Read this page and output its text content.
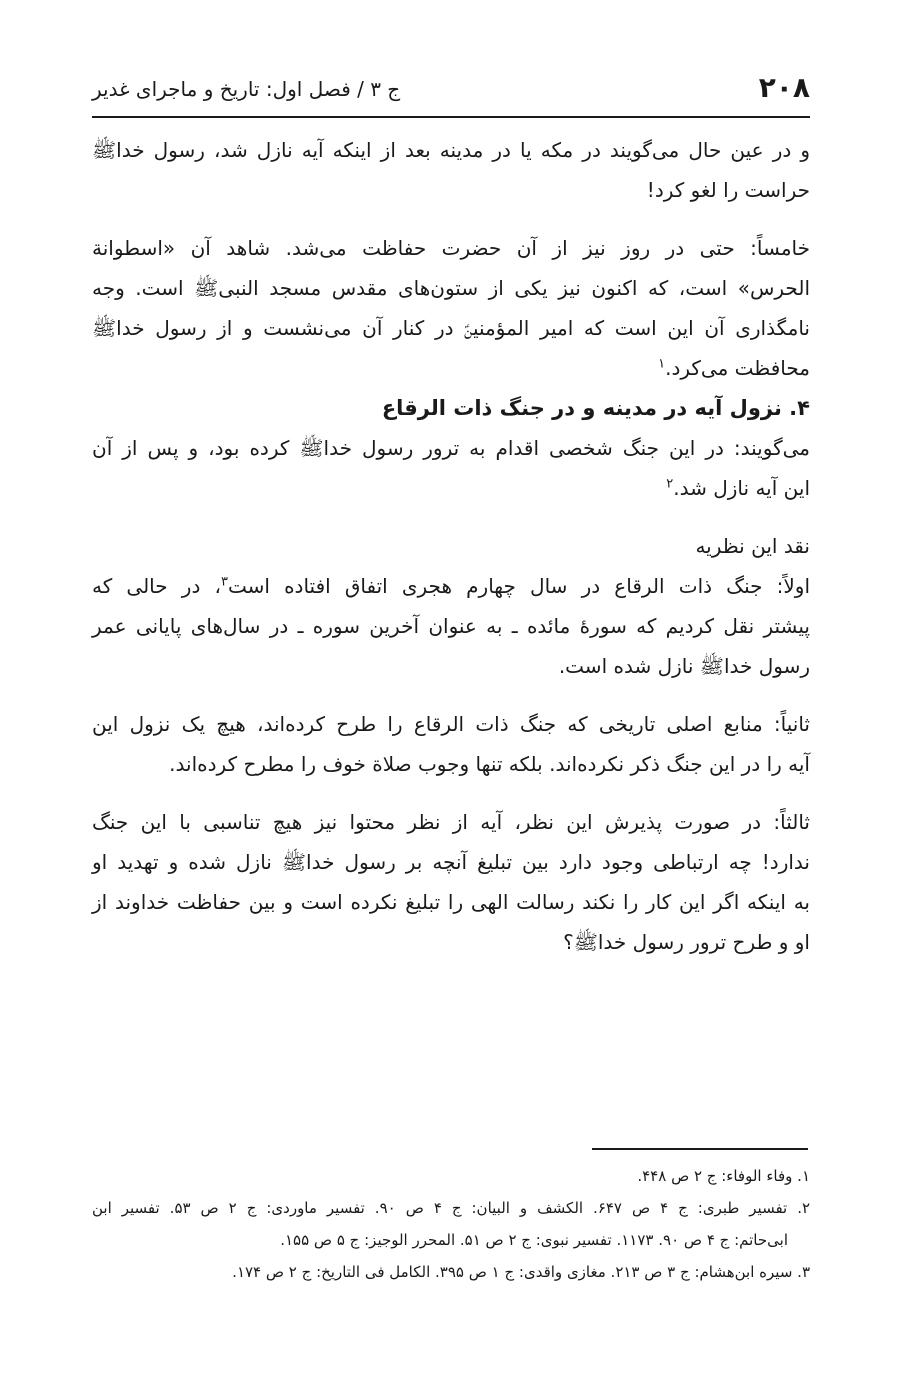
۲۰۸
ج ۳ / فصل اول: تاریخ و ماجرای غدیر

و در عین حال می‌گویند در مکه یا در مدینه بعد از اینکه آیه نازل شد، رسول خداﷺ
حراست را لغو کرد!

خامساً: حتی در روز نیز از آن حضرت حفاظت می‌شد. شاهد آن «اسطوانة
الحرس» است، که اکنون نیز یکی از ستون‌های مقدس مسجد النبیﷺ است. وجه
نامگذاری آن این است که امیر المؤمنینؑ در کنار آن می‌نشست و از رسول خداﷺ
محافظت می‌کرد.$^۱$

۴. نزول آیه در مدینه و در جنگ ذات الرقاع

می‌گویند: در این جنگ شخصی اقدام به ترور رسول خداﷺ کرده بود، و پس از آن
این آیه نازل شد.$^۲$

نقد این نظریه

اولاً: جنگ ذات الرقاع در سال چهارم هجری اتفاق افتاده است$^۳$، در حالی که
پیشتر نقل کردیم که سورهٔ مائده ـ به عنوان آخرین سوره ـ در سال‌های پایانی عمر
رسول خداﷺ نازل شده است.

ثانیاً: منابع اصلی تاریخی که جنگ ذات الرقاع را طرح کرده‌اند، هیچ یک نزول این
آیه را در این جنگ ذکر نکرده‌اند. بلکه تنها وجوب صلاة خوف را مطرح کرده‌اند.

ثالثاً: در صورت پذیرش این نظر، آیه از نظر محتوا نیز هیچ تناسبی با این جنگ
ندارد! چه ارتباطی وجود دارد بین تبلیغ آنچه بر رسول خداﷺ نازل شده و تهدید او
به اینکه اگر این کار را نکند رسالت الهی را تبلیغ نکرده است و بین حفاظت خداوند از
او و طرح ترور رسول خداﷺ؟

۱. وفاء الوفاء: ج ۲ ص ۴۴۸.

۲. تفسیر طبری: ج ۴ ص ۶۴۷. الکشف و البیان: ج ۴ ص ۹۰. تفسیر ماوردی: ج ۲ ص ۵۳. تفسیر ابن
ابی‌حاتم: ج ۴ ص ۹۰. ۱۱۷۳. تفسیر نبوی: ج ۲ ص ۵۱. المحرر الوجیز: ج ۵ ص ۱۵۵.

۳. سیره ابن‌هشام: ج ۳ ص ۲۱۳. مغازی واقدی: ج ۱ ص ۳۹۵. الکامل فی التاریخ: ج ۲ ص ۱۷۴.
